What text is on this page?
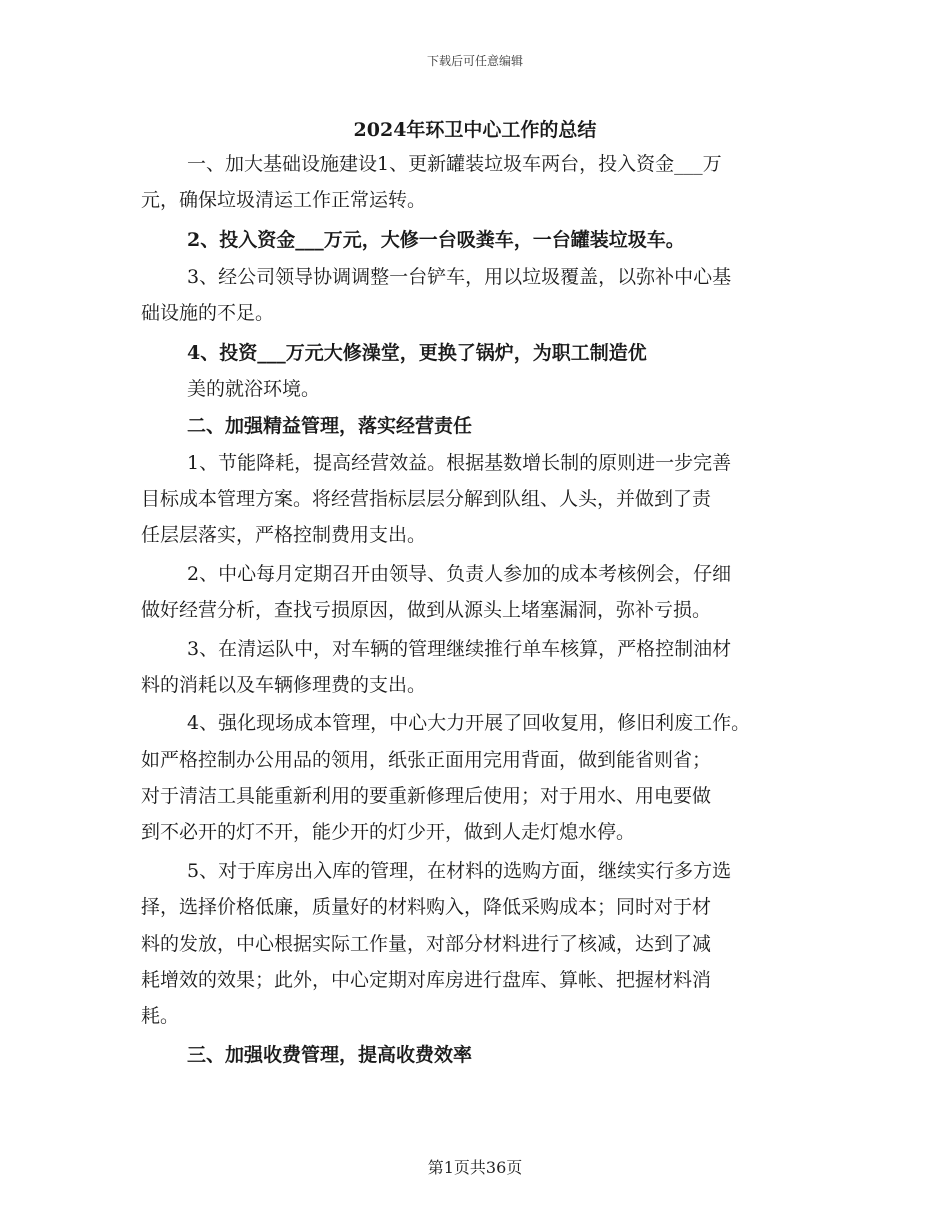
下载后可任意编辑
2024年环卫中心工作的总结
一、加大基础设施建设1、更新罐装垃圾车两台，投入资金___万
元，确保垃圾清运工作正常运转。
2、投入资金___万元，大修一台吸粪车，一台罐装垃圾车。
3、经公司领导协调调整一台铲车，用以垃圾覆盖，以弥补中心基
础设施的不足。
4、投资___万元大修澡堂，更换了锅炉，为职工制造优
美的就浴环境。
二、加强精益管理，落实经营责任
1、节能降耗，提高经营效益。根据基数增长制的原则进一步完善
目标成本管理方案。将经营指标层层分解到队组、人头，并做到了责
任层层落实，严格控制费用支出。
2、中心每月定期召开由领导、负责人参加的成本考核例会，仔细
做好经营分析，查找亏损原因，做到从源头上堵塞漏洞，弥补亏损。
3、在清运队中，对车辆的管理继续推行单车核算，严格控制油材
料的消耗以及车辆修理费的支出。
4、强化现场成本管理，中心大力开展了回收复用，修旧利废工作。
如严格控制办公用品的领用，纸张正面用完用背面，做到能省则省；
对于清洁工具能重新利用的要重新修理后使用；对于用水、用电要做
到不必开的灯不开，能少开的灯少开，做到人走灯熄水停。
5、对于库房出入库的管理，在材料的选购方面，继续实行多方选
择，选择价格低廉，质量好的材料购入，降低采购成本；同时对于材
料的发放，中心根据实际工作量，对部分材料进行了核减，达到了减
耗增效的效果；此外，中心定期对库房进行盘库、算帐、把握材料消
耗。
三、加强收费管理，提高收费效率
第1页共36页
